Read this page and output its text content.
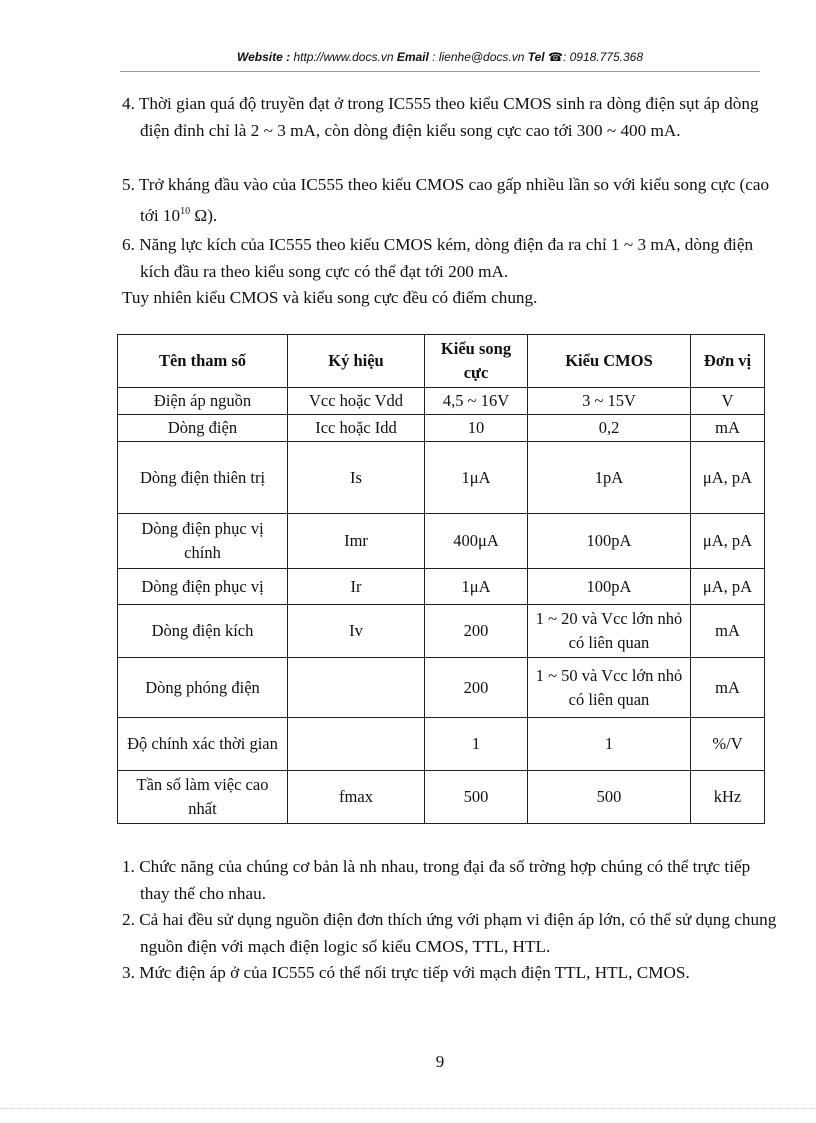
Website : http://www.docs.vn Email : lienhe@docs.vn Tel ☎: 0918.775.368

4. Thời gian quá độ truyền đạt ở trong IC555 theo kiểu CMOS sinh ra dòng điện sụt áp dòng điện đỉnh chỉ là 2 ~ 3 mA, còn dòng điện kiểu song cực cao tới 300 ~ 400 mA.

5. Trở kháng đầu vào của IC555 theo kiểu CMOS cao gấp nhiều lần so với kiểu song cực (cao tới $10^{10}$ Ω).

6. Năng lực kích của IC555 theo kiểu CMOS kém, dòng điện đa ra chỉ 1 ~ 3 mA, dòng điện kích đầu ra theo kiểu song cực có thể đạt tới 200 mA.

Tuy nhiên kiểu CMOS và kiểu song cực đều có điểm chung.

Tên tham số	Ký hiệu	Kiểu song cực	Kiểu CMOS	Đơn vị
Điện áp nguồn	Vcc hoặc Vdd	4,5 ~ 16V	3 ~ 15V	V
Dòng điện	Icc hoặc Idd	10	0,2	mA
Dòng điện thiên trị	Is	1μA	1pA	μA, pA
Dòng điện phục vị chính	Imr	400μA	100pA	μA, pA
Dòng điện phục vị	Ir	1μA	100pA	μA, pA
Dòng điện kích	Iv	200	1 ~ 20 và Vcc lớn nhỏ có liên quan	mA
Dòng phóng điện		200	1 ~ 50 và Vcc lớn nhỏ có liên quan	mA
Độ chính xác thời gian		1	1	%/V
Tần số làm việc cao nhất	fmax	500	500	kHz

1. Chức năng của chúng cơ bản là nh nhau, trong đại đa số trờng hợp chúng có thể trực tiếp thay thế cho nhau.

2. Cả hai đều sử dụng nguồn điện đơn thích ứng với phạm vi điện áp lớn, có thể sử dụng chung nguồn điện với mạch điện logic số kiểu CMOS, TTL, HTL.

3. Mức điện áp ở của IC555 có thể nối trực tiếp với mạch điện TTL, HTL, CMOS.

9
